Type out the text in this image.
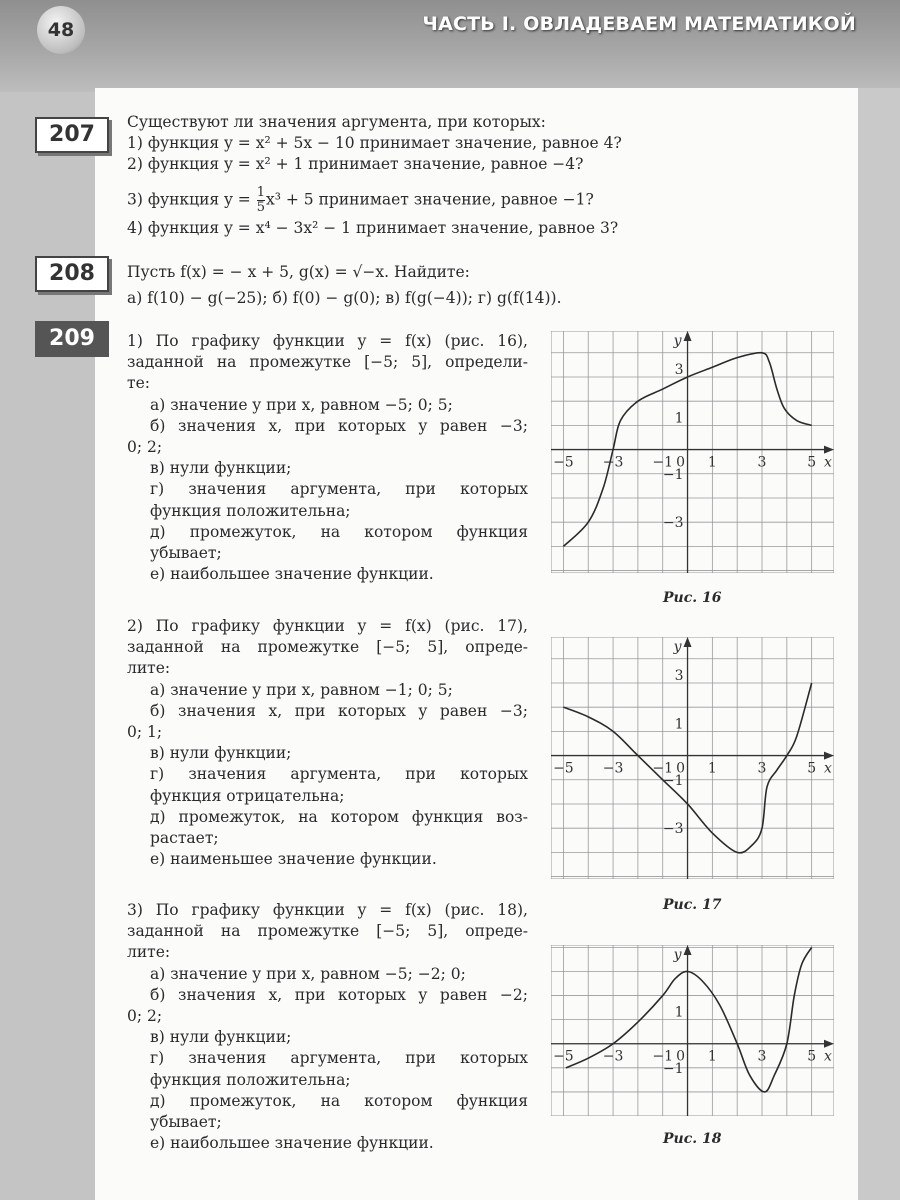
48	ЧАСТЬ I. ОВЛАДЕВАЕМ МАТЕМАТИКОЙ
207	Существуют ли значения аргумента, при которых:
1) функция y = x² + 5x − 10 принимает значение, равное 4?
2) функция y = x² + 1 принимает значение, равное −4?
3) функция $y = \frac{1}{5} x^3 + 5$ принимает значение, равное −1?
4) функция y = x⁴ − 3x² − 1 принимает значение, равное 3?
208	Пусть f(x) = − x + 5, g(x) = √−x. Найдите:
а) f(10) − g(−25); б) f(0) − g(0); в) f(g(−4)); г) g(f(14)).
209	1) По графику функции y = f(x) (рис. 16),
заданной на промежутке [−5; 5], определи-
те:
а) значение y при x, равном −5; 0; 5;
б) значения x, при которых y равен −3;
0; 2;
в) нули функции;
г) значения аргумента, при которых
функция положительна;
д) промежуток, на котором функция
убывает;
е) наибольшее значение функции.
2) По графику функции y = f(x) (рис. 17),
заданной на промежутке [−5; 5], опреде-
лите:
а) значение y при x, равном −1; 0; 5;
б) значения x, при которых y равен −3;
0; 1;
в) нули функции;
г) значения аргумента, при которых
функция отрицательна;
д) промежуток, на котором функция воз-
растает;
е) наименьшее значение функции.
3) По графику функции y = f(x) (рис. 18),
заданной на промежутке [−5; 5], опреде-
лите:
а) значение y при x, равном −5; −2; 0;
б) значения x, при которых y равен −2;
0; 2;
в) нули функции;
г) значения аргумента, при которых
функция положительна;
д) промежуток, на котором функция
убывает;
е) наибольшее значение функции.
−5 −3 −1 0 1	3	5
3
1
−1
−3
x
y
Рис. 16
−5 −3 −1 0 1	3	5
3
1
−1
−3
x
y
Рис. 17
−5 −3 −1 0 1	3	5
1
−1
x
y
Рис. 18
